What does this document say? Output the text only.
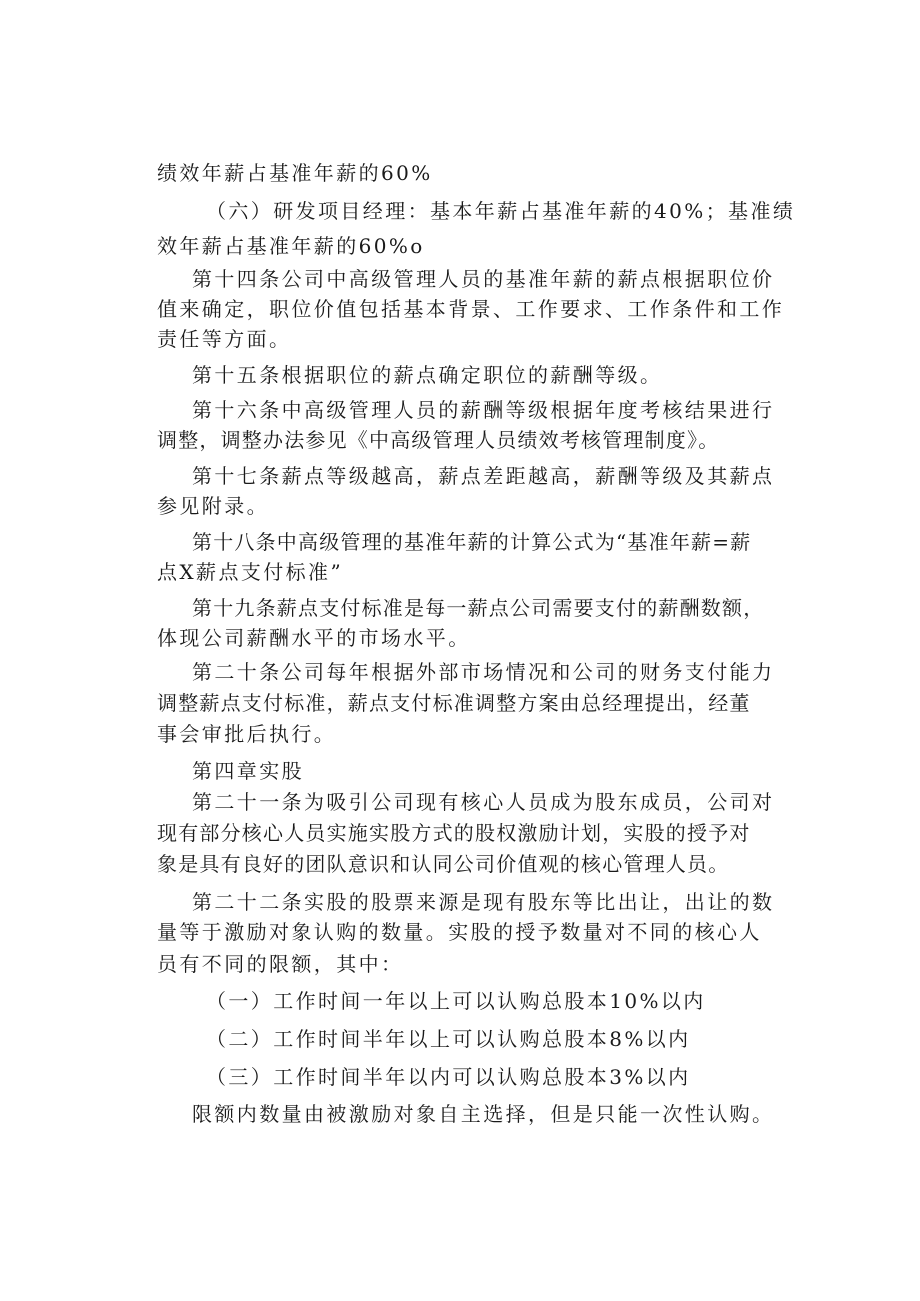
绩效年薪占基准年薪的60%
（六）研发项目经理：基本年薪占基准年薪的40%；基准绩
效年薪占基准年薪的60%o
第十四条公司中高级管理人员的基准年薪的薪点根据职位价
值来确定，职位价值包括基本背景、工作要求、工作条件和工作
责任等方面。
第十五条根据职位的薪点确定职位的薪酬等级。
第十六条中高级管理人员的薪酬等级根据年度考核结果进行
调整，调整办法参见《中高级管理人员绩效考核管理制度》。
第十七条薪点等级越高，薪点差距越高，薪酬等级及其薪点
参见附录。
第十八条中高级管理的基准年薪的计算公式为“基准年薪=薪
点X薪点支付标准”
第十九条薪点支付标准是每一薪点公司需要支付的薪酬数额，
体现公司薪酬水平的市场水平。
第二十条公司每年根据外部市场情况和公司的财务支付能力
调整薪点支付标准，薪点支付标准调整方案由总经理提出，经董
事会审批后执行。
第四章实股
第二十一条为吸引公司现有核心人员成为股东成员，公司对
现有部分核心人员实施实股方式的股权激励计划，实股的授予对
象是具有良好的团队意识和认同公司价值观的核心管理人员。
第二十二条实股的股票来源是现有股东等比出让，出让的数
量等于激励对象认购的数量。实股的授予数量对不同的核心人
员有不同的限额，其中：
（一）工作时间一年以上可以认购总股本10%以内
（二）工作时间半年以上可以认购总股本8%以内
（三）工作时间半年以内可以认购总股本3%以内
限额内数量由被激励对象自主选择，但是只能一次性认购。
